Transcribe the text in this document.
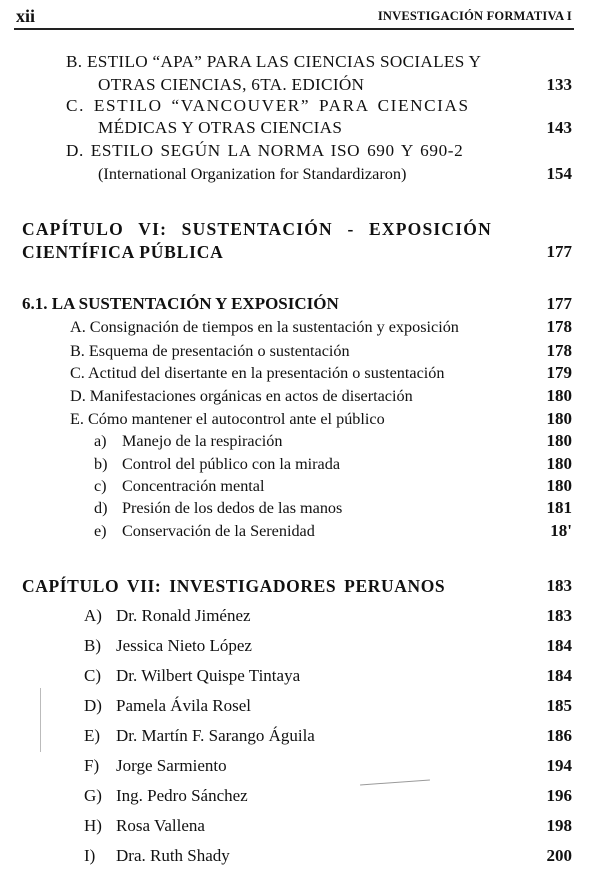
xii	INVESTIGACIÓN FORMATIVA I
B. ESTILO “APA” PARA LAS CIENCIAS SOCIALES Y
OTRAS CIENCIAS, 6TA. EDICIÓN	133
C. ESTILO “VANCOUVER” PARA CIENCIAS
MÉDICAS Y OTRAS CIENCIAS	143
D. ESTILO SEGÚN LA NORMA ISO 690 Y 690-2
(International Organization for Standardizaron)	154
CAPÍTULO VI: SUSTENTACIÓN - EXPOSICIÓN
CIENTÍFICA PÚBLICA	177
6.1. LA SUSTENTACIÓN Y EXPOSICIÓN	177
A. Consignación de tiempos en la sustentación y exposición	178
B. Esquema de presentación o sustentación	178
C. Actitud del disertante en la presentación o sustentación	179
D. Manifestaciones orgánicas en actos de disertación	180
E. Cómo mantener el autocontrol ante el público	180
a) Manejo de la respiración	180
b) Control del público con la mirada	180
c) Concentración mental	180
d) Presión de los dedos de las manos	181
e) Conservación de la Serenidad	18'
CAPÍTULO VII: INVESTIGADORES PERUANOS	183
A) Dr. Ronald Jiménez	183
B) Jessica Nieto López	184
C) Dr. Wilbert Quispe Tintaya	184
D) Pamela Ávila Rosel	185
E) Dr. Martín F. Sarango Águila	186
F) Jorge Sarmiento	194
G) Ing. Pedro Sánchez	196
H) Rosa Vallena	198
I) Dra. Ruth Shady	200
